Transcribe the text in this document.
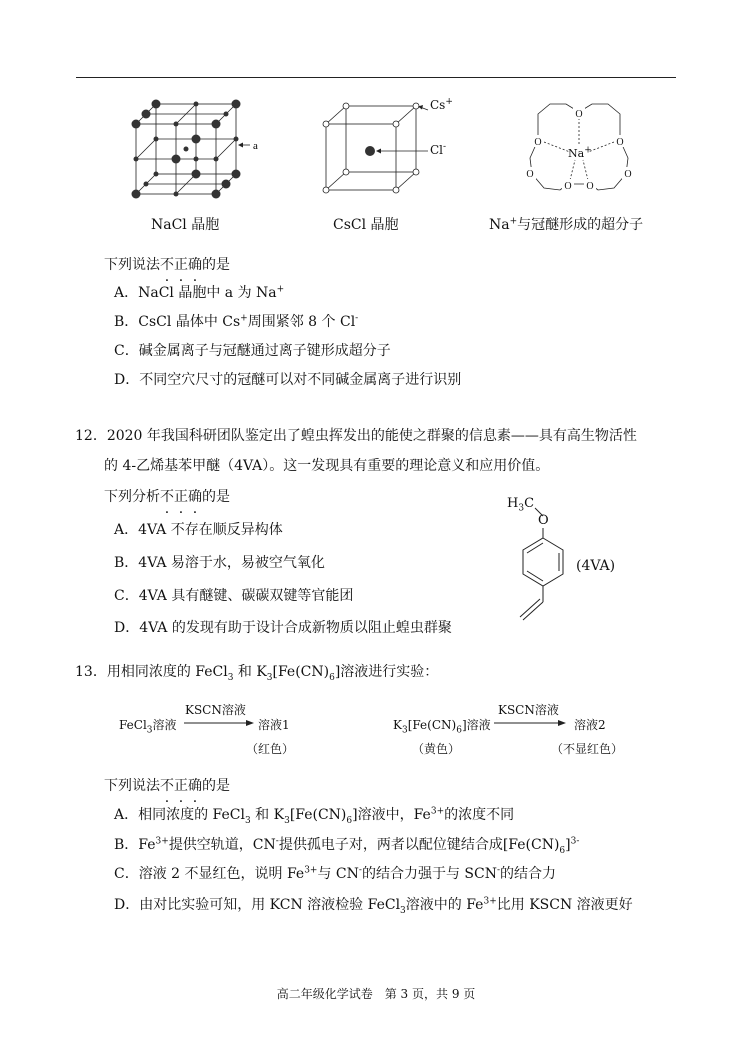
a
NaCl 晶胞
Cs+
Cl-
CsCl 晶胞
O
O	O
O	O
O O
Na+
Na+与冠醚形成的超分子
下列说法不正确的是
A．NaCl 晶胞中 a 为 Na+
B．CsCl 晶体中 Cs+周围紧邻 8 个 Cl-
C．碱金属离子与冠醚通过离子键形成超分子
D．不同空穴尺寸的冠醚可以对不同碱金属离子进行识别
12．2020 年我国科研团队鉴定出了蝗虫挥发出的能使之群聚的信息素——具有高生物活性
的 4-乙烯基苯甲醚（4VA）。这一发现具有重要的理论意义和应用价值。
下列分析不正确的是
A．4VA 不存在顺反异构体
B．4VA 易溶于水，易被空气氧化
C．4VA 具有醚键、碳碳双键等官能团
D．4VA 的发现有助于设计合成新物质以阻止蝗虫群聚
$H_3C$
O
(4VA)
13．用相同浓度的 FeCl$_3$ 和 $K_3[Fe(CN)_6]$溶液进行实验：
FeCl$_3$溶液
KSCN溶液
溶液1
（红色）
$K_3[Fe(CN)_6]$溶液
（黄色）
KSCN溶液
溶液2
（不显红色）
下列说法不正确的是
A．相同浓度的 FeCl$_3$ 和 $K_3[Fe(CN)_6]$溶液中，$Fe^{3+}$的浓度不同
B．$Fe^{3+}$提供空轨道，CN-提供孤电子对，两者以配位键结合成$[Fe(CN)_6]^{3-}$
C．溶液 2 不显红色，说明 $Fe^{3+}$与 CN-的结合力强于与 SCN-的结合力
D．由对比实验可知，用 KCN 溶液检验 FeCl$_3$溶液中的 $Fe^{3+}$比用 KSCN 溶液更好
高二年级化学试卷　第 3 页，共 9 页
